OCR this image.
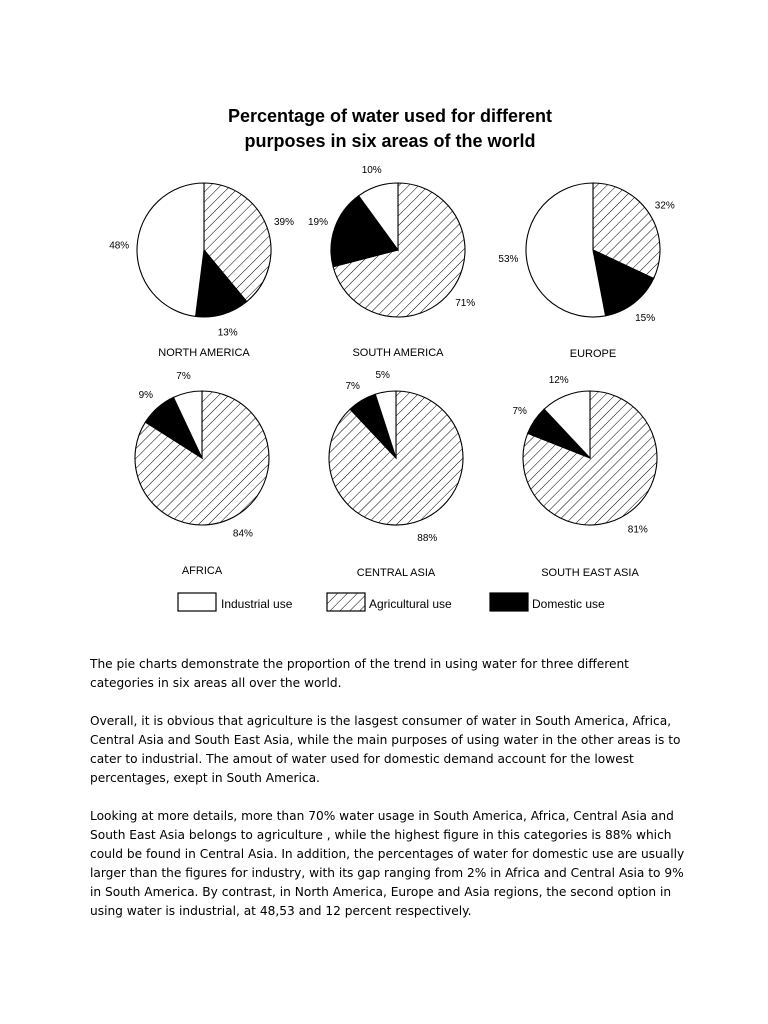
Percentage of water used for different
purposes in six areas of the world
39%
13%
48%
NORTH AMERICA
71%
19%
10%
SOUTH AMERICA
32%
15%
53%
EUROPE
84%
9%
7%
AFRICA
88%
7%
5%
CENTRAL ASIA
81%
7%
12%
SOUTH EAST ASIA
Industrial use	Agricultural use	Domestic use

The pie charts demonstrate the proportion of the trend in using water for three different categories in six areas all over the world.

Overall, it is obvious that agriculture is the lasgest consumer of water in South America, Africa, Central Asia and South East Asia, while the main purposes of using water in the other areas is to cater to industrial. The amout of water used for domestic demand account for the lowest percentages, exept in South America.

Looking at more details, more than 70% water usage in South America, Africa, Central Asia and South East Asia belongs to agriculture , while the highest figure in this categories is 88% which could be found in Central Asia. In addition, the percentages of water for domestic use are usually larger than the figures for industry, with its gap ranging from 2% in Africa and Central Asia to 9% in South America. By contrast, in North America, Europe and Asia regions, the second option in using water is industrial, at 48,53 and 12 percent respectively.
